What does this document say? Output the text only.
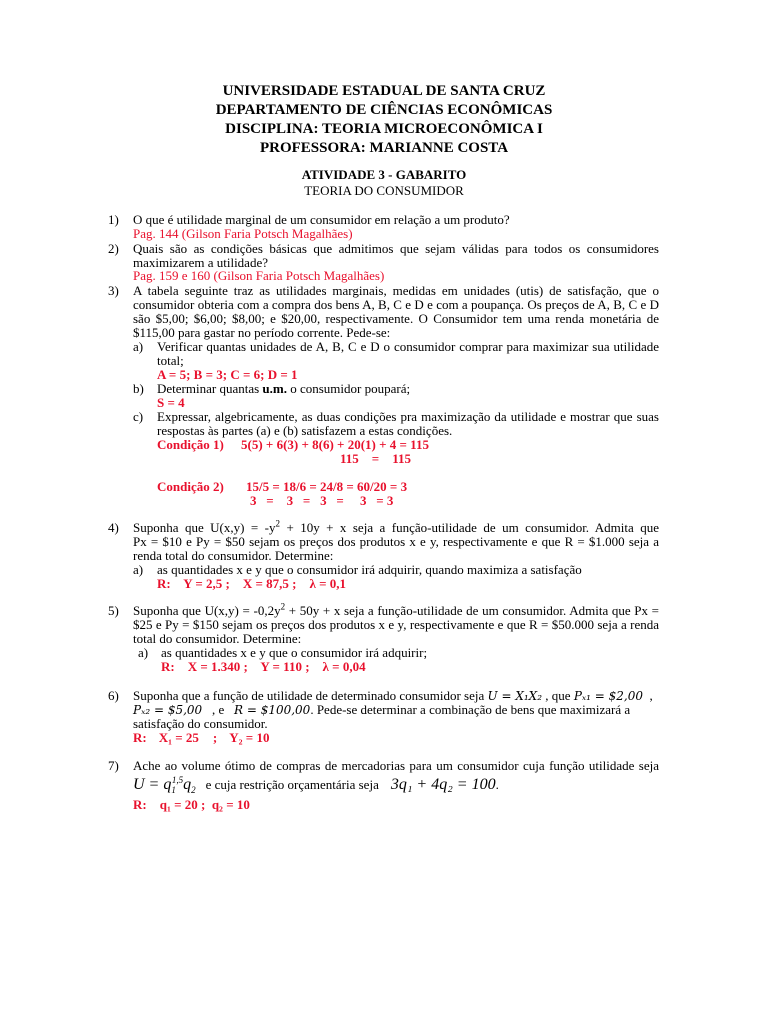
UNIVERSIDADE ESTADUAL DE SANTA CRUZ
DEPARTAMENTO DE CIÊNCIAS ECONÔMICAS
DISCIPLINA: TEORIA MICROECONÔMICA I
PROFESSORA: MARIANNE COSTA
ATIVIDADE 3 - GABARITO
TEORIA DO CONSUMIDOR
1) O que é utilidade marginal de um consumidor em relação a um produto?
Pag. 144 (Gilson Faria Potsch Magalhães)
2) Quais são as condições básicas que admitimos que sejam válidas para todos os consumidores
maximizarem a utilidade?
Pag. 159 e 160 (Gilson Faria Potsch Magalhães)
3) A tabela seguinte traz as utilidades marginais, medidas em unidades (utis) de satisfação, que o
consumidor obteria com a compra dos bens A, B, C e D e com a poupança. Os preços de A, B, C e D
são $5,00; $6,00; $8,00; e $20,00, respectivamente. O Consumidor tem uma renda monetária de
$115,00 para gastar no período corrente. Pede-se:
a) Verificar quantas unidades de A, B, C e D o consumidor comprar para maximizar sua utilidade
total;
A = 5; B = 3; C = 6; D = 1
b) Determinar quantas u.m. o consumidor poupará;
S = 4
c) Expressar, algebricamente, as duas condições pra maximização da utilidade e mostrar que suas
respostas às partes (a) e (b) satisfazem a estas condições.
Condição 1) 5(5) + 6(3) + 8(6) + 20(1) + 4 = 115
115    =    115
Condição 2) 15/5 = 18/6 = 24/8 = 60/20 = 3
3   =    3   =   3   =     3   = 3
4) Suponha que $U(x,y) = -y^2 + 10y + x$ seja a função-utilidade de um consumidor. Admita que
Px = $10 e Py = $50 sejam os preços dos produtos x e y, respectivamente e que R = $1.000 seja a
renda total do consumidor. Determine:
a) as quantidades x e y que o consumidor irá adquirir, quando maximiza a satisfação
R:    Y = 2,5 ;    X = 87,5 ;    λ = 0,1
5) Suponha que $U(x,y) = -0,2y^2 + 50y + x$ seja a função-utilidade de um consumidor. Admita que Px =
$25 e Py = $150 sejam os preços dos produtos x e y, respectivamente e que R = $50.000 seja a renda
total do consumidor. Determine:
a) as quantidades x e y que o consumidor irá adquirir;
R:    X = 1.340 ;    Y = 110 ;    λ = 0,04
6) Suponha que a função de utilidade de determinado consumidor seja U = X₁X₂ , que Pₓ₁ = $2,00  ,
Pₓ₂ = $5,00   , e   R = $100,00. Pede-se determinar a combinação de bens que maximizará a
satisfação do consumidor.
R: X₁ = 25 ; Y₂ = 10
7) Ache ao volume ótimo de compras de mercadorias para um consumidor cuja função utilidade seja
$U = q_1^{1,5}q_2$ e cuja restrição orçamentária seja 3q₁ + 4q₂ = 100.
R:    q₁ = 20 ;  q₂ = 10
